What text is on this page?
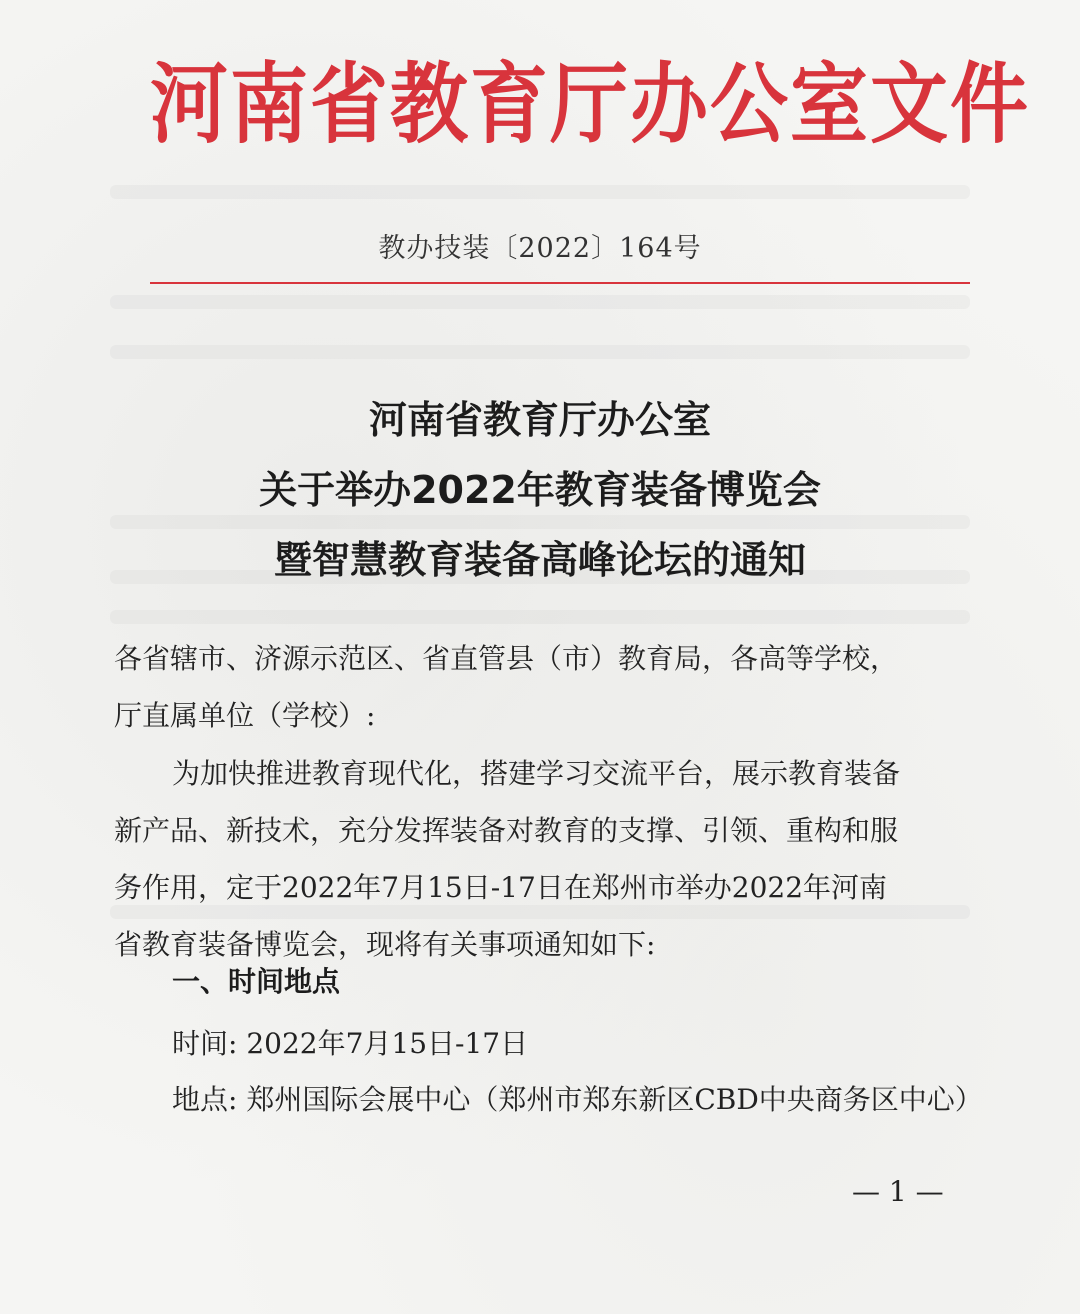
河南省教育厅办公室文件
教办技装〔2022〕164号
河南省教育厅办公室
关于举办2022年教育装备博览会
暨智慧教育装备高峰论坛的通知
各省辖市、济源示范区、省直管县（市）教育局，各高等学校，
厅直属单位（学校）:
为加快推进教育现代化，搭建学习交流平台，展示教育装备
新产品、新技术，充分发挥装备对教育的支撑、引领、重构和服
务作用，定于2022年7月15日-17日在郑州市举办2022年河南
省教育装备博览会，现将有关事项通知如下:
一、时间地点
时间: 2022年7月15日-17日
地点: 郑州国际会展中心（郑州市郑东新区CBD中央商务区中心）
— 1 —
